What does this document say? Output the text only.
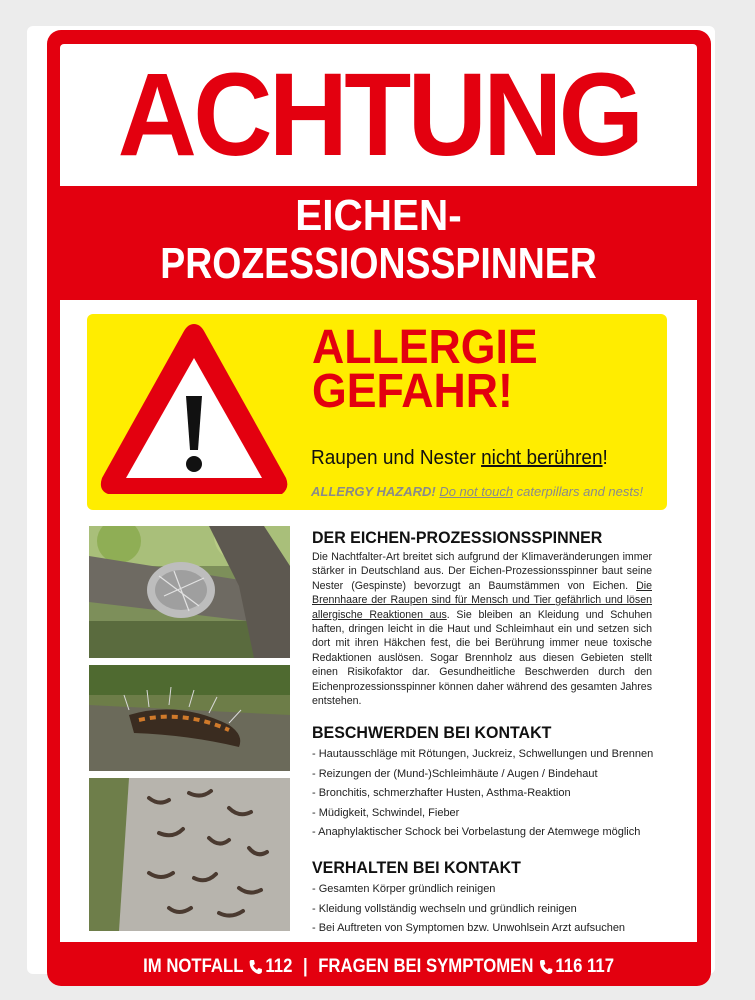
ACHTUNG
EICHEN-
PROZESSIONSSPINNER
ALLERGIE
GEFAHR!
Raupen und Nester nicht berühren!
ALLERGY HAZARD! Do not touch caterpillars and nests!
DER EICHEN-PROZESSIONSSPINNER
Die Nachtfalter-Art breitet sich aufgrund der Klimaveränderungen immer stärker in Deutschland aus. Der Eichen-Prozessionsspinner baut seine Nester (Gespinste) bevorzugt an Baumstämmen von Eichen. Die Brennhaare der Raupen sind für Mensch und Tier gefährlich und lösen allergische Reaktionen aus. Sie bleiben an Kleidung und Schuhen haften, dringen leicht in die Haut und Schleimhaut ein und setzen sich dort mit ihren Häkchen fest, die bei Berührung immer neue toxische Redaktionen auslösen. Sogar Brennholz aus diesen Gebieten stellt einen Risikofaktor dar. Gesundheitliche Beschwerden durch den Eichenprozessionsspinner können daher während des gesamten Jahres entstehen.
BESCHWERDEN BEI KONTAKT
- Hautausschläge mit Rötungen, Juckreiz, Schwellungen und Brennen
- Reizungen der (Mund-)Schleimhäute / Augen / Bindehaut
- Bronchitis, schmerzhafter Husten, Asthma-Reaktion
- Müdigkeit, Schwindel, Fieber
- Anaphylaktischer Schock bei Vorbelastung der Atemwege möglich
VERHALTEN BEI KONTAKT
- Gesamten Körper gründlich reinigen
- Kleidung vollständig wechseln und gründlich reinigen
- Bei Auftreten von Symptomen bzw. Unwohlsein Arzt aufsuchen
IM NOTFALL 112 | FRAGEN BEI SYMPTOMEN 116 117
